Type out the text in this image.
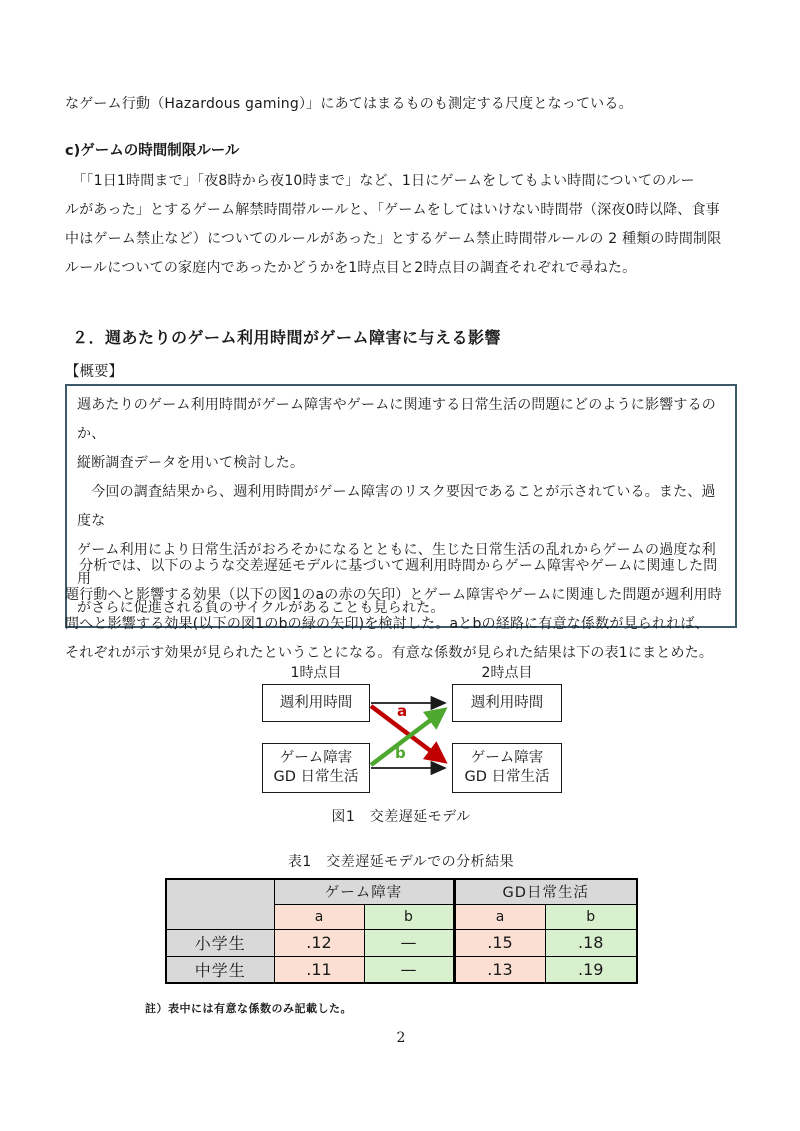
なゲーム行動（Hazardous gaming）」にあてはまるものも測定する尺度となっている。
c)ゲームの時間制限ルール
　「「1日1時間まで」「夜8時から夜10時まで」など、1日にゲームをしてもよい時間についてのルー
ルがあった」とするゲーム解禁時間帯ルールと、「ゲームをしてはいけない時間帯（深夜0時以降、食事
中はゲーム禁止など）についてのルールがあった」とするゲーム禁止時間帯ルールの 2 種類の時間制限
ルールについての家庭内であったかどうかを1時点目と2時点目の調査それぞれで尋ねた。
２．週あたりのゲーム利用時間がゲーム障害に与える影響
【概要】
週あたりのゲーム利用時間がゲーム障害やゲームに関連する日常生活の問題にどのように影響するのか、
縦断調査データを用いて検討した。
　今回の調査結果から、週利用時間がゲーム障害のリスク要因であることが示されている。また、過度な
ゲーム利用により日常生活がおろそかになるとともに、生じた日常生活の乱れからゲームの過度な利用
がさらに促進される負のサイクルがあることも見られた。
　分析では、以下のような交差遅延モデルに基づいて週利用時間からゲーム障害やゲームに関連した問
題行動へと影響する効果（以下の図1のaの赤の矢印）とゲーム障害やゲームに関連した問題が週利用時
間へと影響する効果(以下の図1のbの緑の矢印)を検討した。aとbの経路に有意な係数が見られれば、
それぞれが示す効果が見られたということになる。有意な係数が見られた結果は下の表1にまとめた。
1時点目	2時点目
週利用時間	週利用時間
ゲーム障害
GD 日常生活
ゲーム障害
GD 日常生活
a
b
図1　交差遅延モデル
表1　交差遅延モデルでの分析結果
	ゲーム障害		GD日常生活	
	a	b	a	b
小学生	.12	—	.15	.18
中学生	.11	—	.13	.19
註）表中には有意な係数のみ記載した。
2
